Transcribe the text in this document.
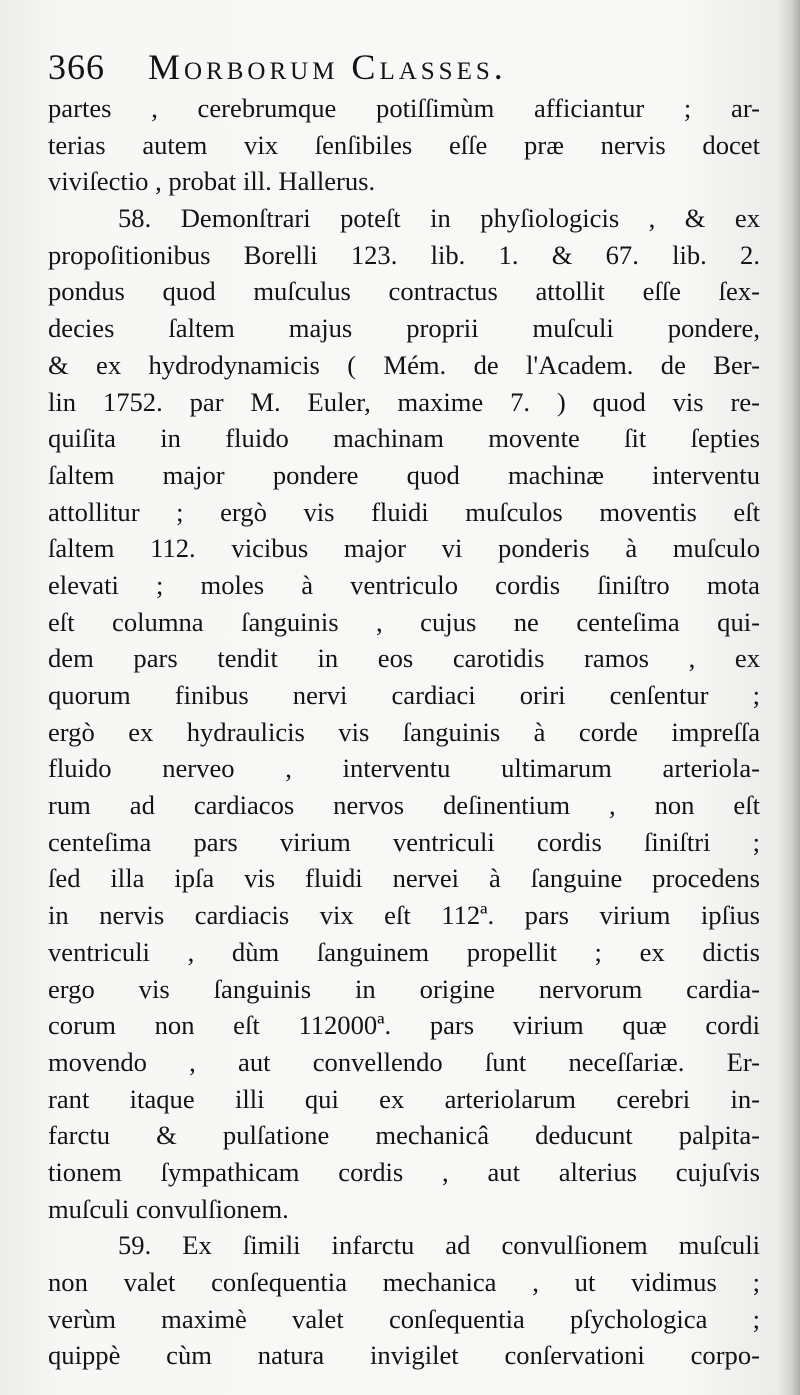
366 Morborum Classes.
partes , cerebrumque potiſſimùm afficiantur ; ar-
terias autem vix ſenſibiles eſſe præ nervis docet
viviſectio , probat ill. Hallerus.
58. Demonſtrari poteſt in phyſiologicis , & ex
propoſitionibus Borelli 123. lib. 1. & 67. lib. 2.
pondus quod muſculus contractus attollit eſſe ſex-
decies ſaltem majus proprii muſculi pondere,
& ex hydrodynamicis ( Mém. de l'Academ. de Ber-
lin 1752. par M. Euler, maxime 7. ) quod vis re-
quiſita in fluido machinam movente ſit ſepties
ſaltem major pondere quod machinæ interventu
attollitur ; ergò vis fluidi muſculos moventis eſt
ſaltem 112. vicibus major vi ponderis à muſculo
elevati ; moles à ventriculo cordis ſiniſtro mota
eſt columna ſanguinis , cujus ne centeſima qui-
dem pars tendit in eos carotidis ramos , ex
quorum finibus nervi cardiaci oriri cenſentur ;
ergò ex hydraulicis vis ſanguinis à corde impreſſa
fluido nerveo , interventu ultimarum arteriola-
rum ad cardiacos nervos deſinentium , non eſt
centeſima pars virium ventriculi cordis ſiniſtri ;
ſed illa ipſa vis fluidi nervei à ſanguine procedens
in nervis cardiacis vix eſt 112ª. pars virium ipſius
ventriculi , dùm ſanguinem propellit ; ex dictis
ergo vis ſanguinis in origine nervorum cardia-
corum non eſt 112000ª. pars virium quæ cordi
movendo , aut convellendo ſunt neceſſariæ. Er-
rant itaque illi qui ex arteriolarum cerebri in-
farctu & pulſatione mechanicâ deducunt palpita-
tionem ſympathicam cordis , aut alterius cujuſvis
muſculi convulſionem.
59. Ex ſimili infarctu ad convulſionem muſculi
non valet conſequentia mechanica , ut vidimus ;
verùm maximè valet conſequentia pſychologica ;
quippè cùm natura invigilet conſervationi corpo-
